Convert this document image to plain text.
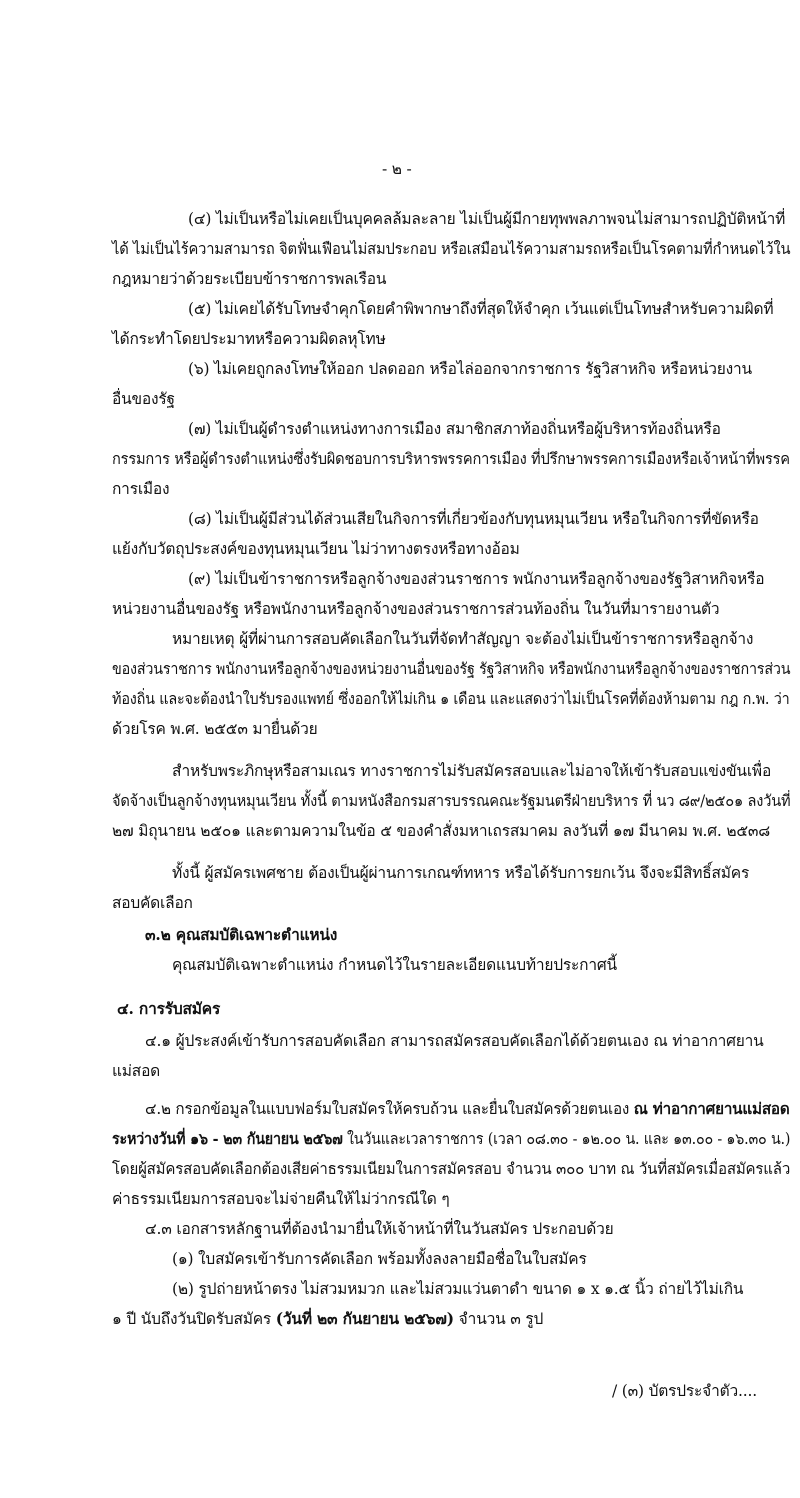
- ๒ -
(๔) ไม่เป็นหรือไม่เคยเป็นบุคคลล้มละลาย ไม่เป็นผู้มีกายทุพพลภาพจนไม่สามารถปฏิบัติหน้าที่
ได้ ไม่เป็นไร้ความสามารถ จิตฟั่นเฟือนไม่สมประกอบ หรือเสมือนไร้ความสามรถหรือเป็นโรคตามที่กำหนดไว้ใน
กฎหมายว่าด้วยระเบียบข้าราชการพลเรือน
(๕) ไม่เคยได้รับโทษจำคุกโดยคำพิพากษาถึงที่สุดให้จำคุก เว้นแต่เป็นโทษสำหรับความผิดที่
ได้กระทำโดยประมาทหรือความผิดลหุโทษ
(๖) ไม่เคยถูกลงโทษให้ออก ปลดออก หรือไล่ออกจากราชการ รัฐวิสาหกิจ หรือหน่วยงาน
อื่นของรัฐ
(๗) ไม่เป็นผู้ดำรงตำแหน่งทางการเมือง สมาชิกสภาท้องถิ่นหรือผู้บริหารท้องถิ่นหรือ
กรรมการ หรือผู้ดำรงตำแหน่งซึ่งรับผิดชอบการบริหารพรรคการเมือง ที่ปรึกษาพรรคการเมืองหรือเจ้าหน้าที่พรรค
การเมือง
(๘) ไม่เป็นผู้มีส่วนได้ส่วนเสียในกิจการที่เกี่ยวข้องกับทุนหมุนเวียน หรือในกิจการที่ขัดหรือ
แย้งกับวัตถุประสงค์ของทุนหมุนเวียน ไม่ว่าทางตรงหรือทางอ้อม
(๙) ไม่เป็นข้าราชการหรือลูกจ้างของส่วนราชการ พนักงานหรือลูกจ้างของรัฐวิสาหกิจหรือ
หน่วยงานอื่นของรัฐ หรือพนักงานหรือลูกจ้างของส่วนราชการส่วนท้องถิ่น ในวันที่มารายงานตัว
หมายเหตุ ผู้ที่ผ่านการสอบคัดเลือกในวันที่จัดทำสัญญา จะต้องไม่เป็นข้าราชการหรือลูกจ้าง
ของส่วนราชการ พนักงานหรือลูกจ้างของหน่วยงานอื่นของรัฐ รัฐวิสาหกิจ หรือพนักงานหรือลูกจ้างของราชการส่วน
ท้องถิ่น และจะต้องนำใบรับรองแพทย์ ซึ่งออกให้ไม่เกิน ๑ เดือน และแสดงว่าไม่เป็นโรคที่ต้องห้ามตาม กฎ ก.พ. ว่า
ด้วยโรค พ.ศ. ๒๕๕๓ มายื่นด้วย
สำหรับพระภิกษุหรือสามเณร ทางราชการไม่รับสมัครสอบและไม่อาจให้เข้ารับสอบแข่งขันเพื่อ
จัดจ้างเป็นลูกจ้างทุนหมุนเวียน ทั้งนี้ ตามหนังสือกรมสารบรรณคณะรัฐมนตรีฝ่ายบริหาร ที่ นว ๘๙/๒๕๐๑ ลงวันที่
๒๗ มิถุนายน ๒๕๐๑ และตามความในข้อ ๕ ของคำสั่งมหาเถรสมาคม ลงวันที่ ๑๗ มีนาคม พ.ศ. ๒๕๓๘
ทั้งนี้ ผู้สมัครเพศชาย ต้องเป็นผู้ผ่านการเกณฑ์ทหาร หรือได้รับการยกเว้น จึงจะมีสิทธิ์สมัคร
สอบคัดเลือก
๓.๒ คุณสมบัติเฉพาะตำแหน่ง
คุณสมบัติเฉพาะตำแหน่ง กำหนดไว้ในรายละเอียดแนบท้ายประกาศนี้
๔. การรับสมัคร
๔.๑ ผู้ประสงค์เข้ารับการสอบคัดเลือก สามารถสมัครสอบคัดเลือกได้ด้วยตนเอง ณ ท่าอากาศยาน
แม่สอด
๔.๒ กรอกข้อมูลในแบบฟอร์มใบสมัครให้ครบถ้วน และยื่นใบสมัครด้วยตนเอง ณ ท่าอากาศยานแม่สอด
ระหว่างวันที่ ๑๖ - ๒๓ กันยายน ๒๕๖๗ ในวันและเวลาราชการ (เวลา ๐๘.๓๐ - ๑๒.๐๐ น. และ ๑๓.๐๐ - ๑๖.๓๐ น.)
โดยผู้สมัครสอบคัดเลือกต้องเสียค่าธรรมเนียมในการสมัครสอบ จำนวน ๓๐๐ บาท ณ วันที่สมัครเมื่อสมัครแล้ว
ค่าธรรมเนียมการสอบจะไม่จ่ายคืนให้ไม่ว่ากรณีใด ๆ
๔.๓ เอกสารหลักฐานที่ต้องนำมายื่นให้เจ้าหน้าที่ในวันสมัคร ประกอบด้วย
(๑) ใบสมัครเข้ารับการคัดเลือก พร้อมทั้งลงลายมือชื่อในใบสมัคร
(๒) รูปถ่ายหน้าตรง ไม่สวมหมวก และไม่สวมแว่นตาดำ ขนาด ๑ x ๑.๕ นิ้ว ถ่ายไว้ไม่เกิน
๑ ปี นับถึงวันปิดรับสมัคร (วันที่ ๒๓ กันยายน ๒๕๖๗) จำนวน ๓ รูป
/ (๓) บัตรประจำตัว....
